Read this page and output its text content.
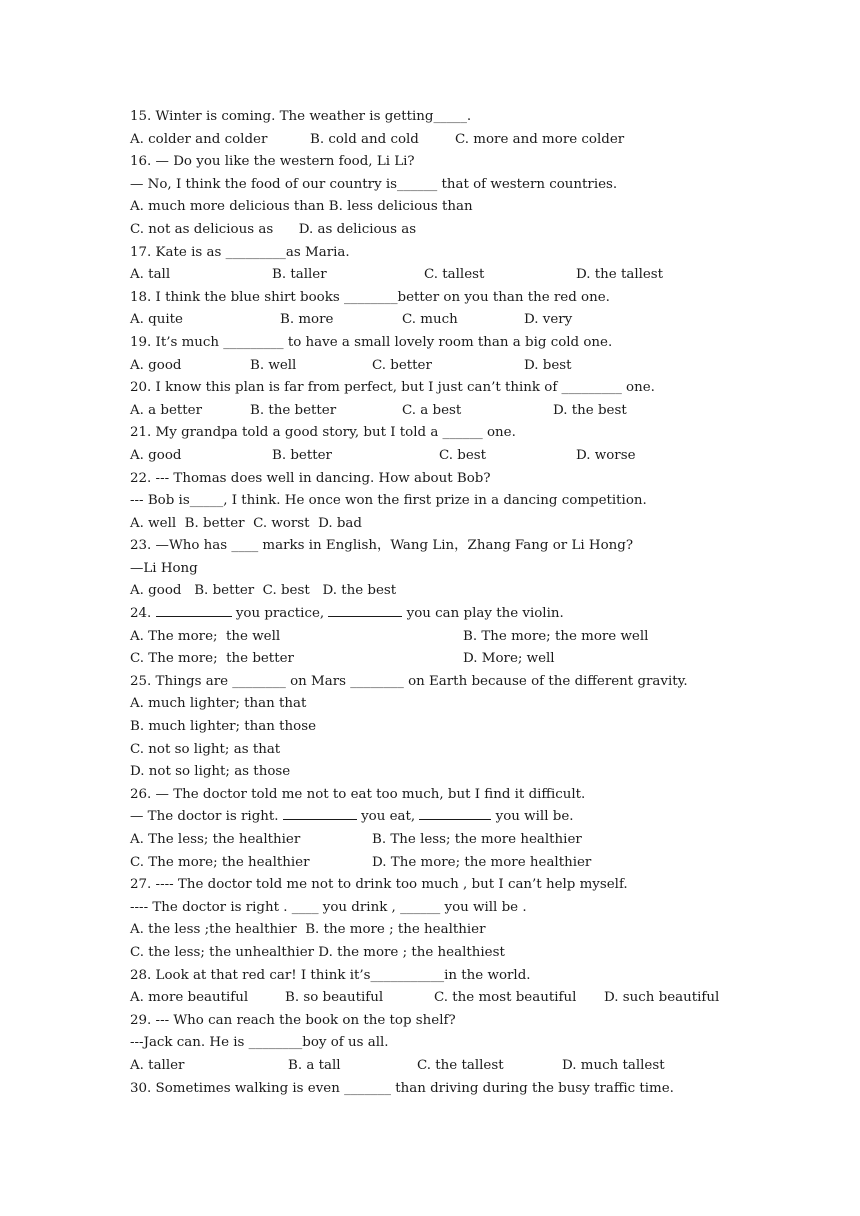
15. Winter is coming. The weather is getting_____.
A. colder and colder	B. cold and cold	C. more and more colder
16. — Do you like the western food, Li Li?
— No, I think the food of our country is______ that of western countries.
A. much more delicious than B. less delicious than
C. not as delicious as      D. as delicious as
17. Kate is as _________as Maria.
A. tall	B. taller	C. tallest	D. the tallest
18. I think the blue shirt books ________better on you than the red one.
A. quite	B. more	C. much	D. very
19. It’s much _________ to have a small lovely room than a big cold one.
A. good	B. well	C. better	D. best
20. I know this plan is far from perfect, but I just can’t think of _________ one.
A. a better	B. the better	C. a best	D. the best
21. My grandpa told a good story, but I told a ______ one.
A. good	B. better	C. best	D. worse
22. --- Thomas does well in dancing. How about Bob?
--- Bob is_____, I think. He once won the first prize in a dancing competition.
A. well  B. better  C. worst  D. bad
23. —Who has ____ marks in English，Wang Lin，Zhang Fang or Li Hong?
—Li Hong
A. good   B. better  C. best   D. the best
24.	you practice,	you can play the violin.
A. The more;  the well	B. The more; the more well
C. The more;  the better	D. More; well
25. Things are ________ on Mars ________ on Earth because of the different gravity.
A. much lighter; than that
B. much lighter; than those
C. not so light; as that
D. not so light; as those
26. — The doctor told me not to eat too much, but I find it difficult.
— The doctor is right.	you eat,	you will be.
A. The less; the healthier	B. The less; the more healthier
C. The more; the healthier	D. The more; the more healthier
27. ---- The doctor told me not to drink too much , but I can’t help myself.
---- The doctor is right . ____ you drink , ______ you will be .
A. the less ;the healthier  B. the more ; the healthier
C. the less; the unhealthier D. the more ; the healthiest
28. Look at that red car! I think it’s___________in the world.
A. more beautiful	B. so beautiful	C. the most beautiful D. such beautiful
29. --- Who can reach the book on the top shelf?
---Jack can. He is ________boy of us all.
A. taller	B. a tall	C. the tallest	D. much tallest
30. Sometimes walking is even _______ than driving during the busy traffic time.
